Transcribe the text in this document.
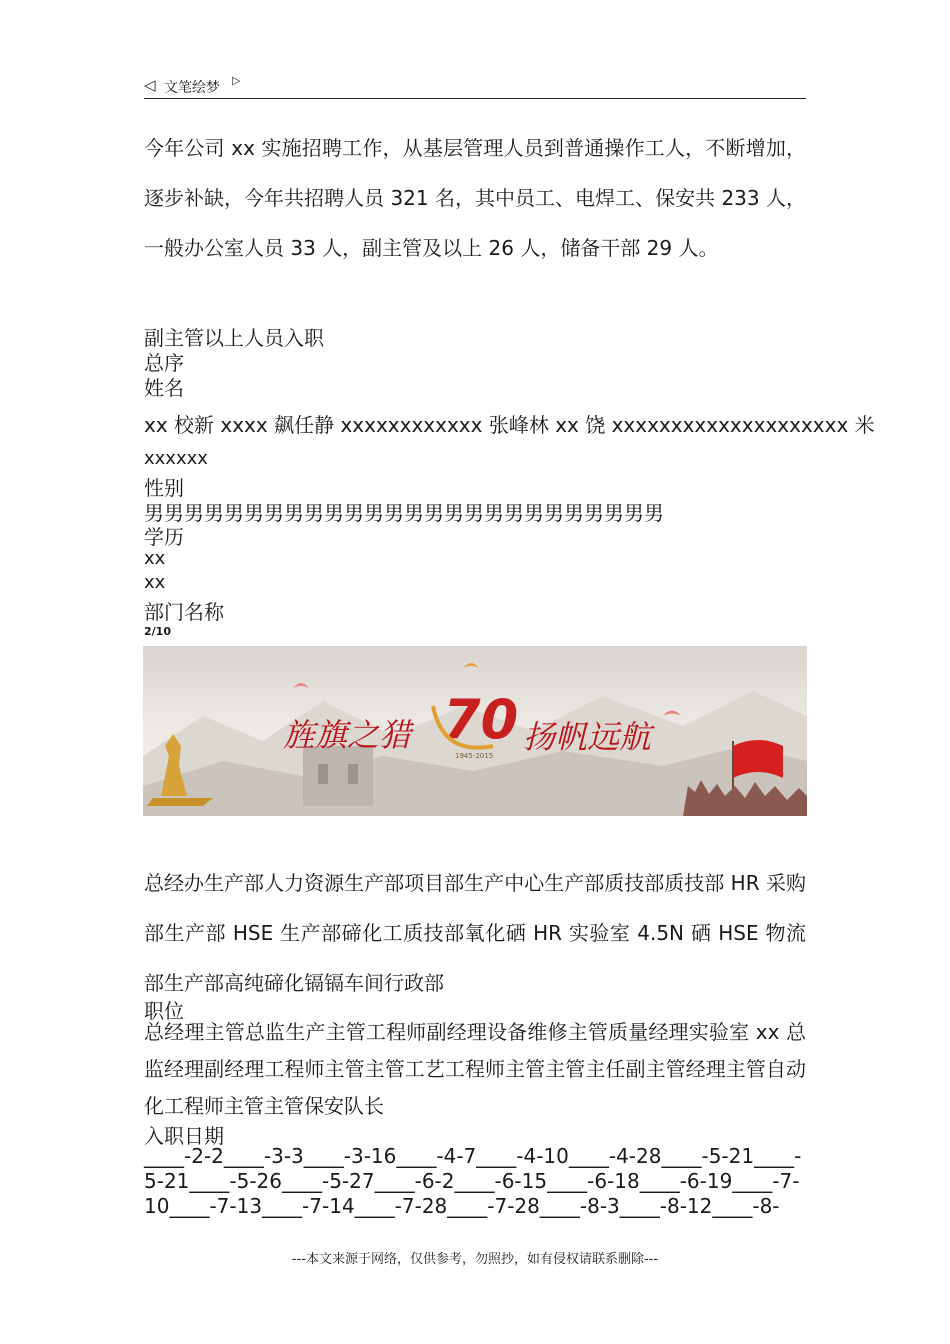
◁ 文笔绘梦 ▷

今年公司 xx 实施招聘工作，从基层管理人员到普通操作工人，不断增加，逐步补缺，今年共招聘人员 321 名，其中员工、电焊工、保安共 233 人，一般办公室人员 33 人，副主管及以上 26 人，储备干部 29 人。

副主管以上人员入职
总序
姓名
xx 校新 xxxx 飙任静 xxxxxxxxxxxx 张峰林 xx 饶 xxxxxxxxxxxxxxxxxxxx 米
xxxxxx
性别
男男男男男男男男男男男男男男男男男男男男男男男男男男
学历
xx
xx
部门名称
2/10
70
旌旗之猎	扬帆远航
1945-2015

总经办生产部人力资源生产部项目部生产中心生产部质技部质技部 HR 采购部生产部 HSE 生产部碲化工质技部氧化硒 HR 实验室 4.5N 硒 HSE 物流部生产部高纯碲化镉镉车间行政部

职位

总经理主管总监生产主管工程师副经理设备维修主管质量经理实验室 xx 总监经理副经理工程师主管主管工艺工程师主管主管主任副主管经理主管自动化工程师主管主管保安队长

入职日期
____-2-2____-3-3____-3-16____-4-7____-4-10____-4-28____-5-21____-
5-21____-5-26____-5-27____-6-2____-6-15____-6-18____-6-19____-7-
10____-7-13____-7-14____-7-28____-7-28____-8-3____-8-12____-8-
---本文来源于网络，仅供参考，勿照抄，如有侵权请联系删除---
